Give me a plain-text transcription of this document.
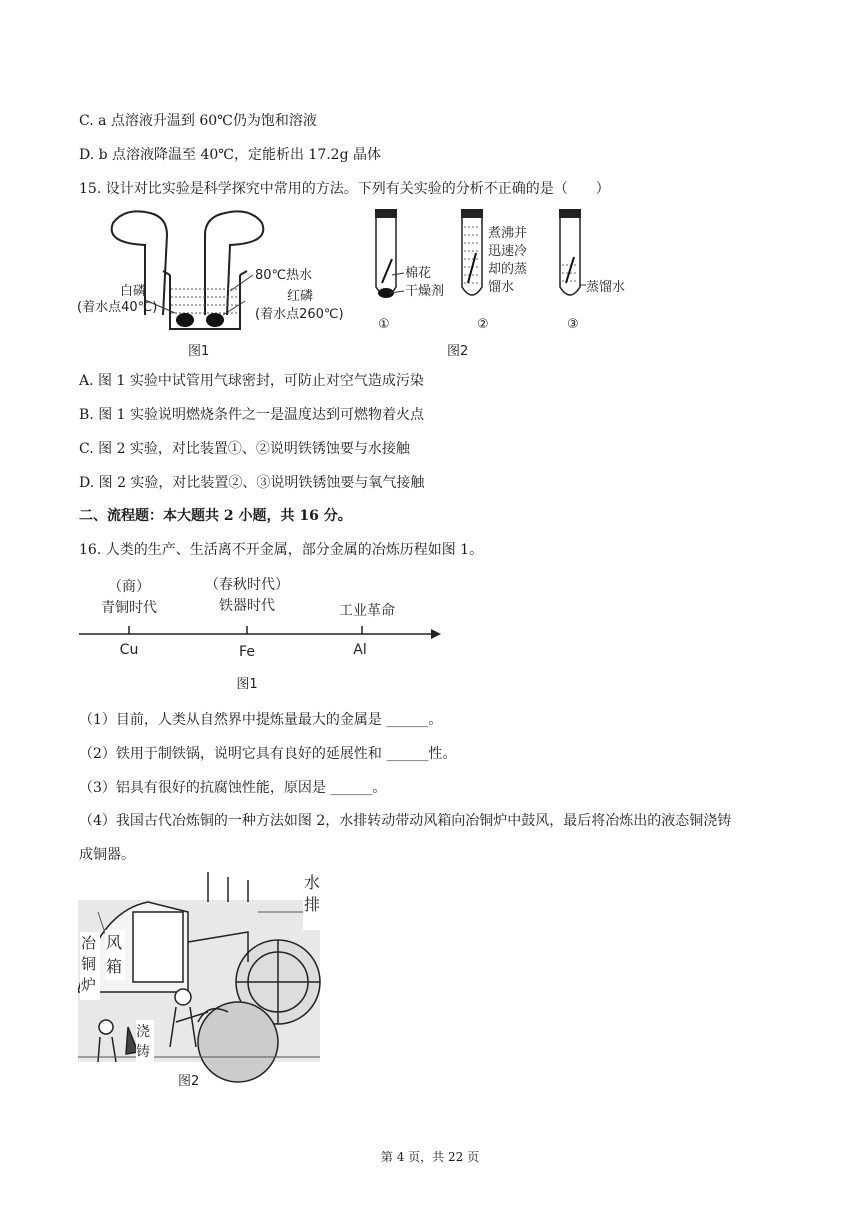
C. a 点溶液升温到 60℃仍为饱和溶液
D. b 点溶液降温至 40℃，定能析出 17.2g 晶体
15. 设计对比实验是科学探究中常用的方法。下列有关实验的分析不正确的是（　　）
80℃热水
白磷
(着水点40℃)
红磷
(着水点260℃)
图1
棉花
干燥剂
煮沸并
迅速冷
却的蒸
馏水	蒸馏水
①	②	③
图2
A. 图 1 实验中试管用气球密封，可防止对空气造成污染
B. 图 1 实验说明燃烧条件之一是温度达到可燃物着火点
C. 图 2 实验，对比装置①、②说明铁锈蚀要与水接触
D. 图 2 实验，对比装置②、③说明铁锈蚀要与氧气接触
二、流程题：本大题共 2 小题，共 16 分。
16. 人类的生产、生活离不开金属，部分金属的冶炼历程如图 1。
（商）
青铜时代
（春秋时代）
铁器时代	工业革命
Cu	Fe	Al
图1
（1）目前，人类从自然界中提炼量最大的金属是 ______。
（2）铁用于制铁锅，说明它具有良好的延展性和 ______性。
（3）铝具有很好的抗腐蚀性能，原因是 ______。
（4）我国古代冶炼铜的一种方法如图 2，水排转动带动风箱向冶铜炉中鼓风，最后将冶炼出的液态铜浇铸
成铜器。
水
排
冶
铜
炉
风
箱
浇
铸
图2
第 4 页，共 22 页
